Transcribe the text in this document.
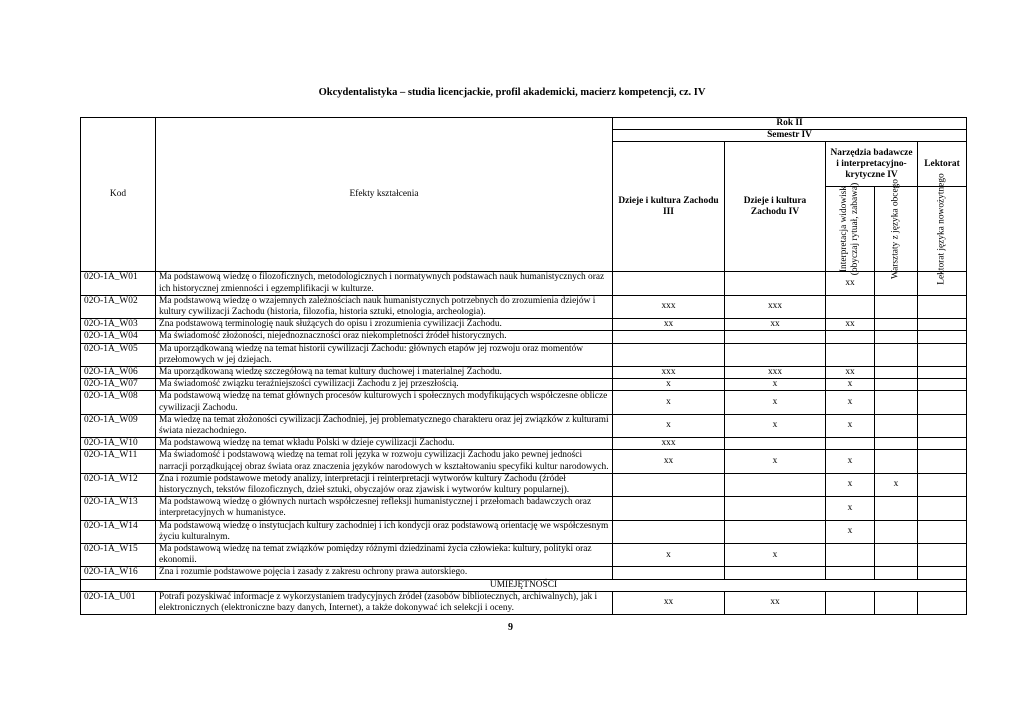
Okcydentalistyka – studia licencjackie, profil akademicki, macierz kompetencji, cz. IV
Kod	Efekty kształcenia	Rok II				
		Semestr IV				
		Dzieje i kultura Zachodu III	Dzieje i kultura Zachodu IV	Narzędzia badawcze i interpretacyjno-krytyczne IV		Lektorat

				Interpretacja widowisk (obyczaj rytuał, zabawa)	Warsztaty z języka obcego	Lektorat języka nowożytnego

02O-1A_W01	Ma podstawową wiedzę o filozoficznych, metodologicznych i normatywnych podstawach nauk humanistycznych oraz ich historycznej zmienności i egzemplifikacji w kulturze.			xx		
02O-1A_W02	Ma podstawową wiedzę o wzajemnych zależnościach nauk humanistycznych potrzebnych do zrozumienia dziejów i kultury cywilizacji Zachodu (historia, filozofia, historia sztuki, etnologia, archeologia).	xxx	xxx			
02O-1A_W03	Zna podstawową terminologię nauk służących do opisu i zrozumienia cywilizacji Zachodu.	xx	xx	xx		
02O-1A_W04	Ma świadomość złożoności, niejednoznaczności oraz niekompletności źródeł historycznych.					
02O-1A_W05	Ma uporządkowaną wiedzę na temat historii cywilizacji Zachodu: głównych etapów jej rozwoju oraz momentów przełomowych w jej dziejach.					
02O-1A_W06	Ma uporządkowaną wiedzę szczegółową na temat kultury duchowej i materialnej Zachodu.	xxx	xxx	xx		
02O-1A_W07	Ma świadomość związku teraźniejszości cywilizacji Zachodu z jej przeszłością.	x	x	x		
02O-1A_W08	Ma podstawową wiedzę na temat głównych procesów kulturowych i społecznych modyfikujących współczesne oblicze cywilizacji Zachodu.	x	x	x		
02O-1A_W09	Ma wiedzę na temat złożoności cywilizacji Zachodniej, jej problematycznego charakteru oraz jej związków z kulturami świata niezachodniego.	x	x	x		
02O-1A_W10	Ma podstawową wiedzę na temat wkładu Polski w dzieje cywilizacji Zachodu.	xxx				
02O-1A_W11	Ma świadomość i podstawową wiedzę na temat roli języka w rozwoju cywilizacji Zachodu jako pewnej jedności narracji porządkującej obraz świata oraz znaczenia języków narodowych w kształtowaniu specyfiki kultur narodowych.	xx	x	x		
02O-1A_W12	Zna i rozumie podstawowe metody analizy, interpretacji i reinterpretacji wytworów kultury Zachodu (źródeł historycznych, tekstów filozoficznych, dzieł sztuki, obyczajów oraz zjawisk i wytworów kultury popularnej).			x	x	
02O-1A_W13	Ma podstawową wiedzę o głównych nurtach współczesnej refleksji humanistycznej i przełomach badawczych oraz interpretacyjnych w humanistyce.			x		
02O-1A_W14	Ma podstawową wiedzę o instytucjach kultury zachodniej i ich kondycji oraz podstawową orientację we współczesnym życiu kulturalnym.			x		
02O-1A_W15	Ma podstawową wiedzę na temat związków pomiędzy różnymi dziedzinami życia człowieka: kultury, polityki oraz ekonomii.	x	x			
02O-1A_W16	Zna i rozumie podstawowe pojęcia i zasady z zakresu ochrony prawa autorskiego.					
UMIEJĘTNOŚCI						
02O-1A_U01	Potrafi pozyskiwać informacje z wykorzystaniem tradycyjnych źródeł (zasobów bibliotecznych, archiwalnych), jak i elektronicznych (elektroniczne bazy danych, Internet), a także dokonywać ich selekcji i oceny.	xx	xx			
9
